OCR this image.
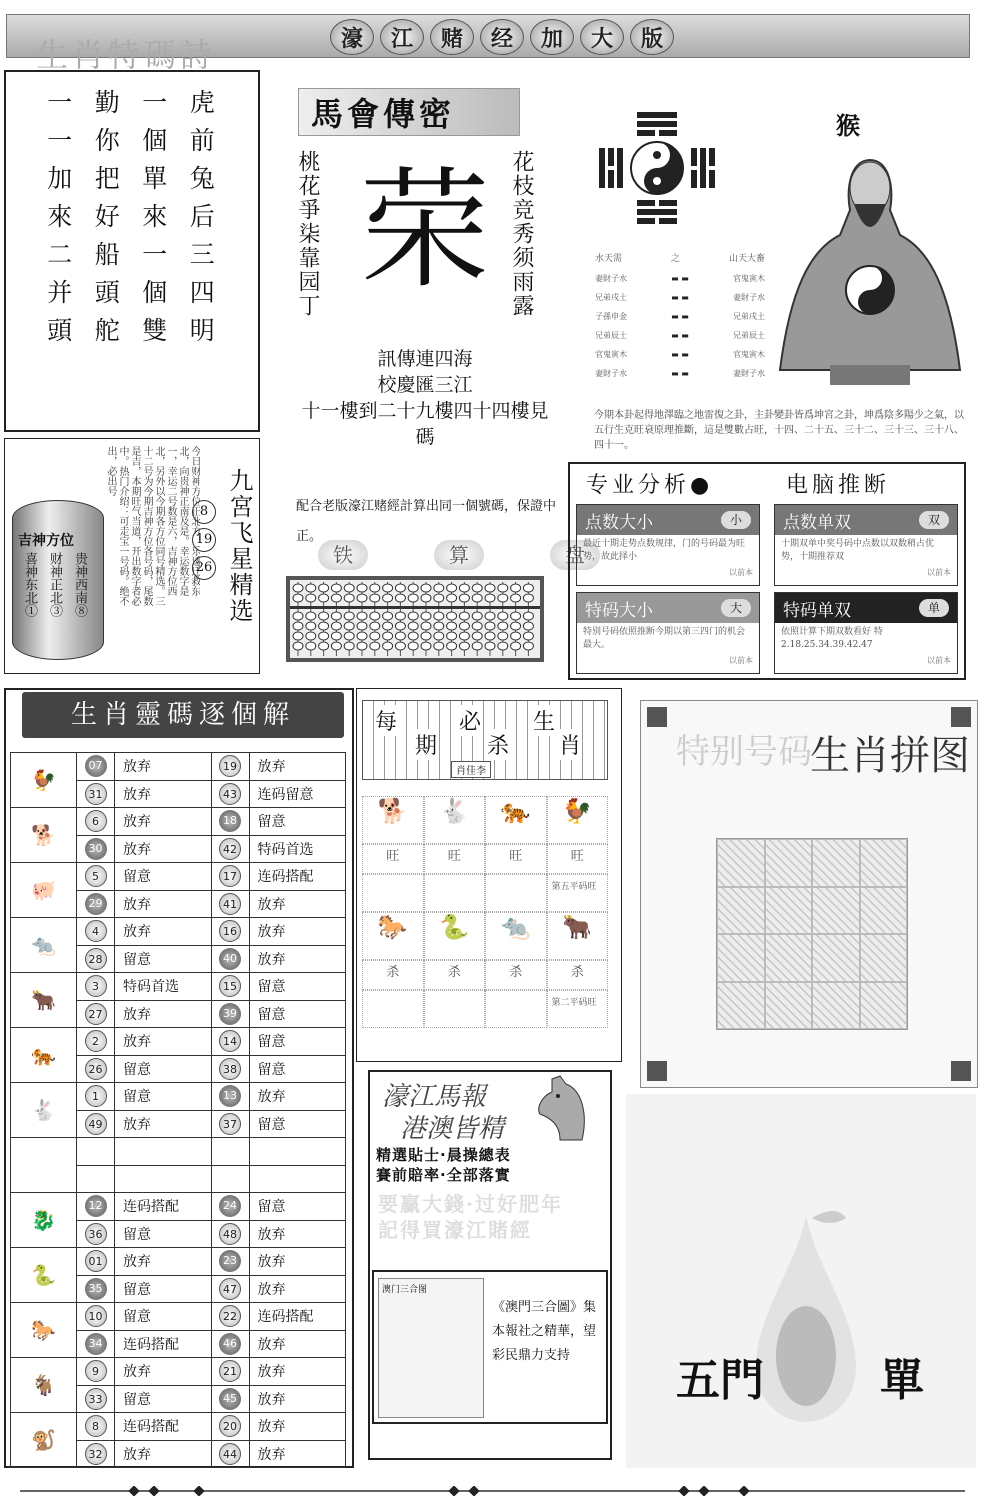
濠	江	赌	经	加	大	版
生肖特碼詩
一 勤 一 虎
一 你 個 前
加 把 單 兔
來 好 來 后
二 船 一 三
并 頭 個 四
頭 舵 雙 明
馬會傳密
桃花爭柒靠园丁	花枝竞秀须雨露
荣
訊傳連四海
校慶匯三江
十一樓到二十九樓四十四樓見碼
猴
水天需	之	山天大畜
妻財子水	▬ ▬	官鬼寅木
兄弟戌土	▬ ▬	妻財子水
子孫申金	▬ ▬	兄弟戌土
兄弟辰土	▬ ▬	兄弟辰土
官鬼寅木	▬ ▬	官鬼寅木
妻財子水	▬ ▬	妻財子水
今期本卦起得地澤臨之地雷復之卦，主卦變卦皆爲坤宮之卦，坤爲陰多陽少之氣，以五行生克旺衰原理推斷，這是雙數占旺，十四、二十五、三十二、三十三、三十八、四十一。
今日财神方位正北方，乐透迁救东北，向贵神正南及是。幸运数字是一，幸运二号数是六，吉神方位西北，另外以今期各方位同号精选。三十二号为今期吉神方位各号码，尾数是吉，本期旺气当道，开出数字者必中。热门介绍：可走宝一号码。绝不出，必出号
吉神方位
喜神东北① 财神正北③ 贵神西南⑧
8
19
26 九宮飞星精选	配合老版濠江赌經計算出同一個號碼，保證中正。
铁	算	盘
专业分析●	电脑推断
点数大小	小
最近十期走势点数规律，门的号码最为旺势，故此择小
以前本
点数单双	双
十期双单中奖号码中点数以双数稍占优势，十期推荐双
以前本
特码大小	大
特别号码依照推断今期以第三四门的机会最大。
以前本
特码单双	单
依照计算下期双数看好 特2.18.25.34.39.42.47
以前本
生肖靈碼逐個解
🐓	07	放弃	19	放弃
	31	放弃	43	连码留意
🐕	6	放弃	18	留意
	30	放弃	42	特码首选
🐖	5	留意	17	连码搭配
	29	放弃	41	放弃
🐀	4	放弃	16	放弃
	28	留意	40	放弃
🐂	3	特码首选	15	留意
	27	放弃	39	留意
🐅	2	放弃	14	留意
	26	留意	38	留意
🐇	1	留意	13	放弃
	49	放弃	37	留意

🐉	12	连码搭配	24	留意
	36	留意	48	放弃
🐍	01	放弃	23	放弃
	35	留意	47	放弃
🐎	10	留意	22	连码搭配
	34	连码搭配	46	放弃
🐐	9	放弃	21	放弃
	33	留意	45	放弃
🐒	8	连码搭配	20	放弃
	32	放弃	44	放弃
每	必 生
期 杀 肖
肖佳李
🐕	🐇	🐅	🐓
旺	旺	旺	旺
第五平码旺
🐎	🐍	🐀	🐂
杀	杀	杀	杀
第二平码旺
特别号码
生肖拼图
濠江馬報
港澳皆精
精選貼士·晨操總表
賽前賠率·全部落實
要贏大錢·过好肥年
記得買濠江賭經
澳门三合图
《澳門三合圖》集本報社之精華，望彩民鼎力支持	五門	單
